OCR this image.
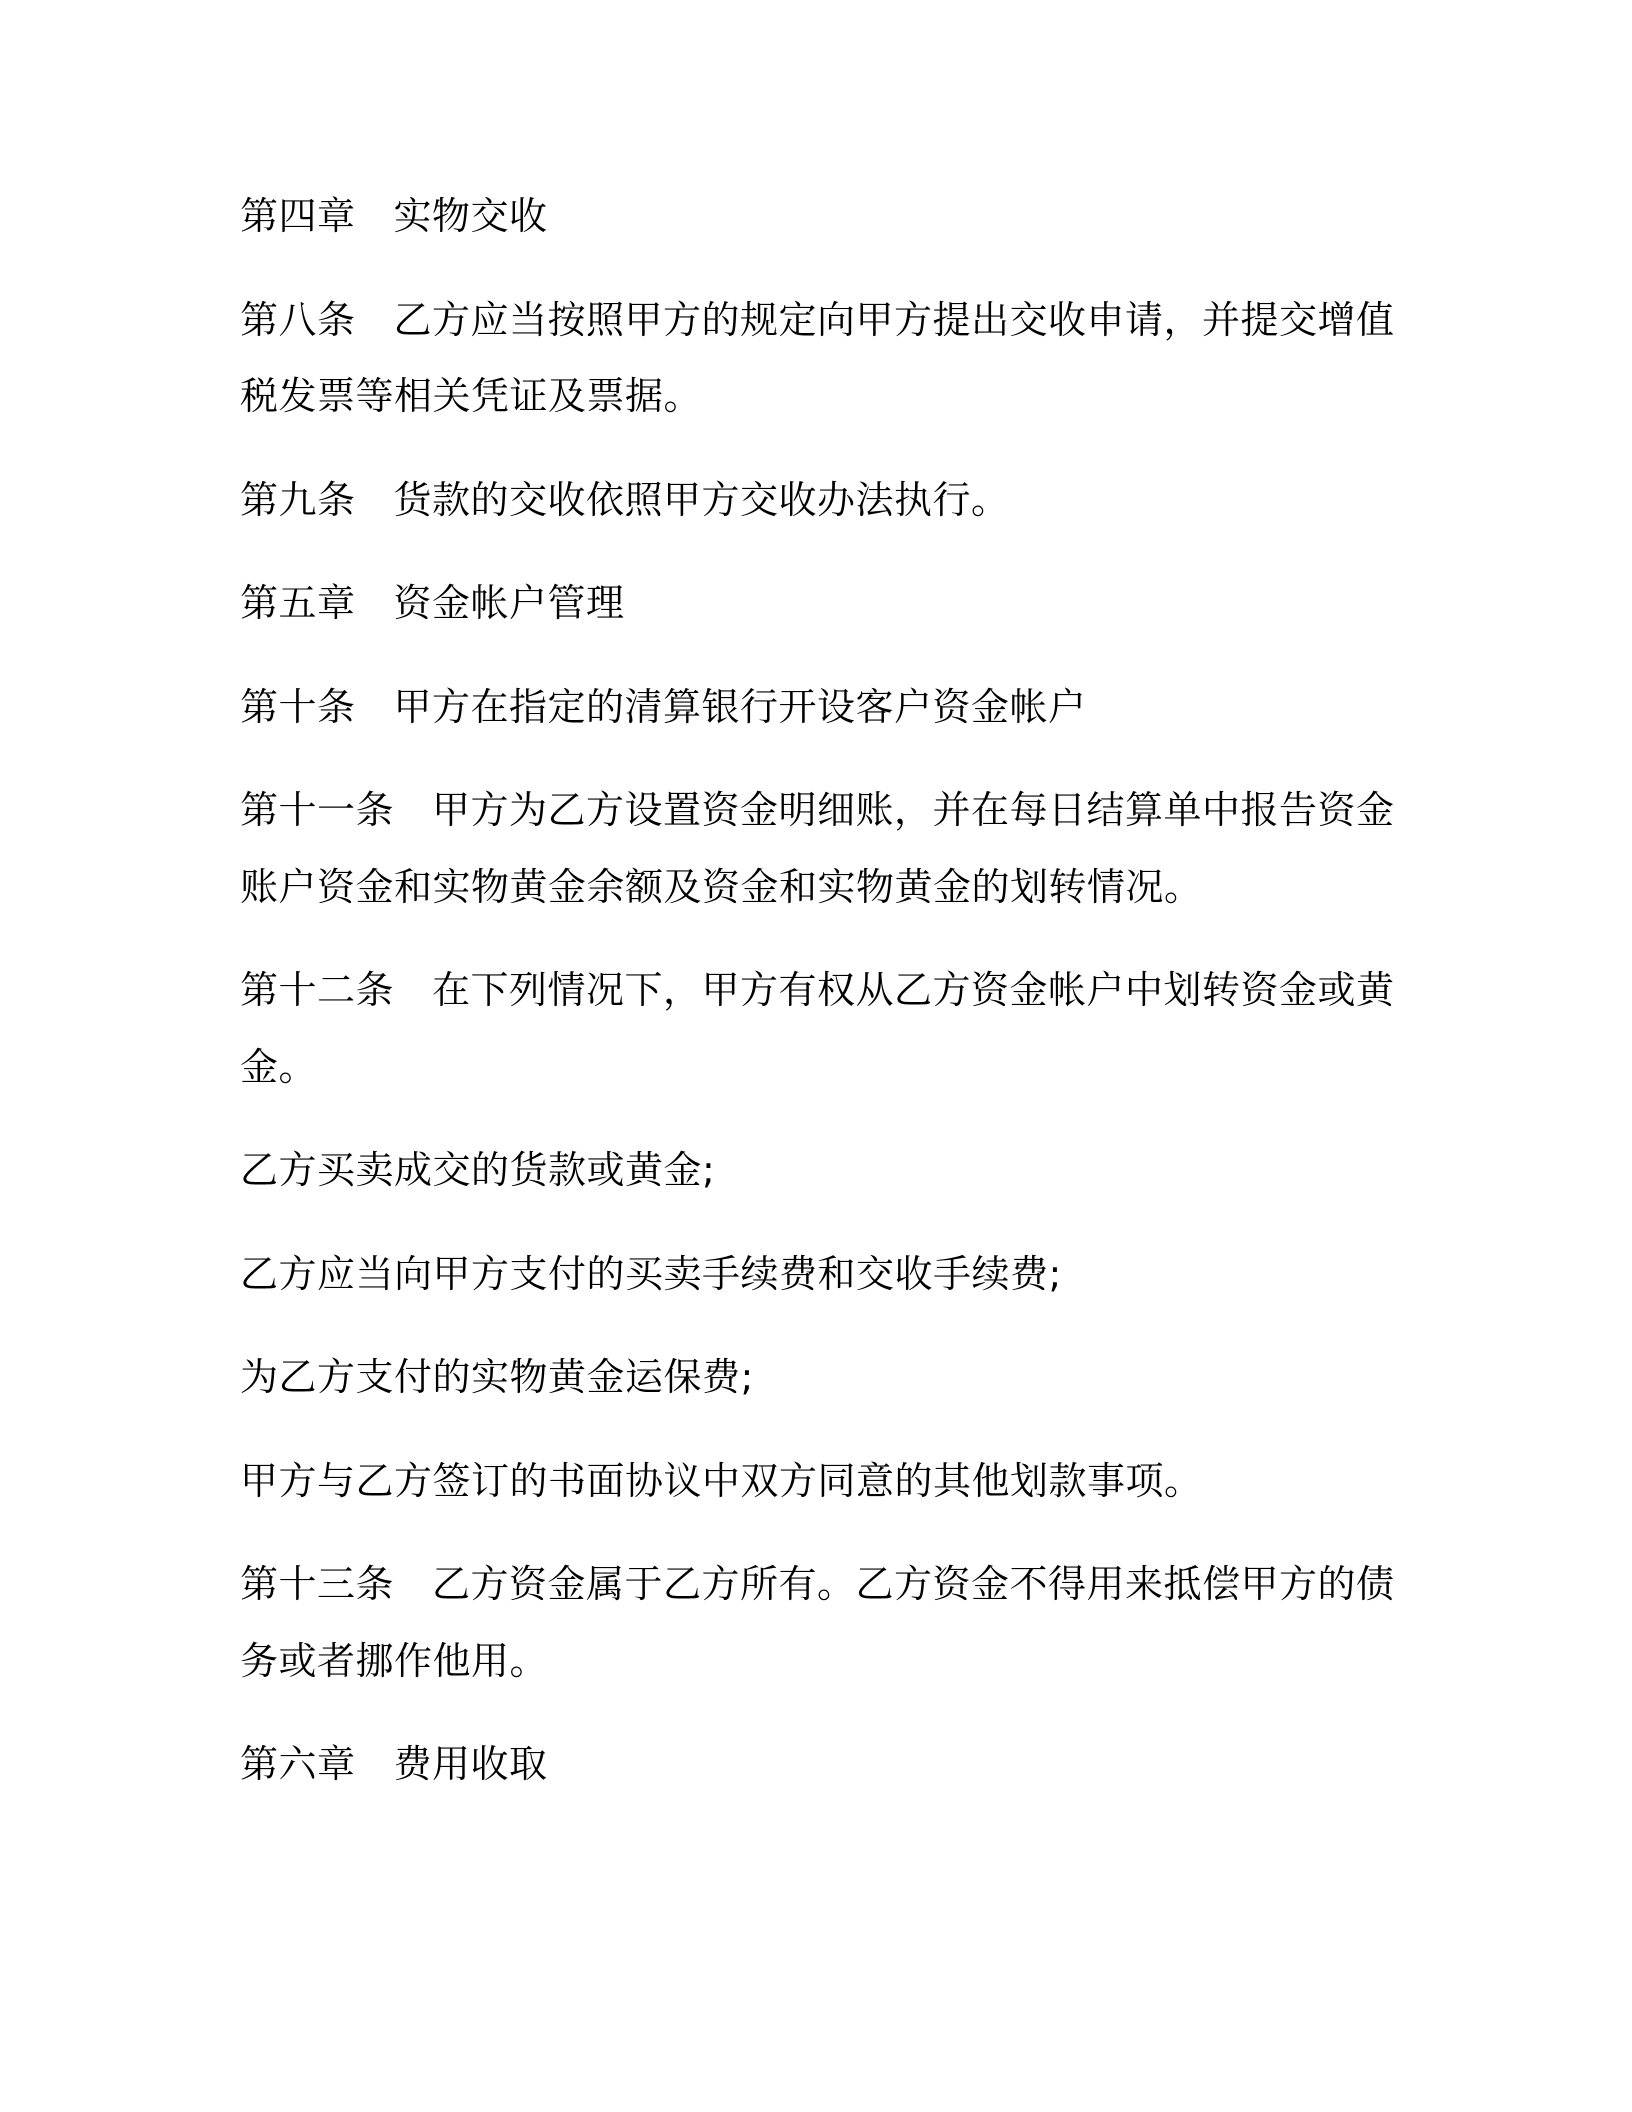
第四章 实物交收
第八条 乙方应当按照甲方的规定向甲方提出交收申请，并提交增值
税发票等相关凭证及票据。
第九条 货款的交收依照甲方交收办法执行。
第五章 资金帐户管理
第十条 甲方在指定的清算银行开设客户资金帐户
第十一条 甲方为乙方设置资金明细账，并在每日结算单中报告资金
账户资金和实物黄金余额及资金和实物黄金的划转情况。
第十二条 在下列情况下，甲方有权从乙方资金帐户中划转资金或黄
金。
乙方买卖成交的货款或黄金;
乙方应当向甲方支付的买卖手续费和交收手续费;
为乙方支付的实物黄金运保费;
甲方与乙方签订的书面协议中双方同意的其他划款事项。
第十三条 乙方资金属于乙方所有。乙方资金不得用来抵偿甲方的债
务或者挪作他用。
第六章 费用收取
